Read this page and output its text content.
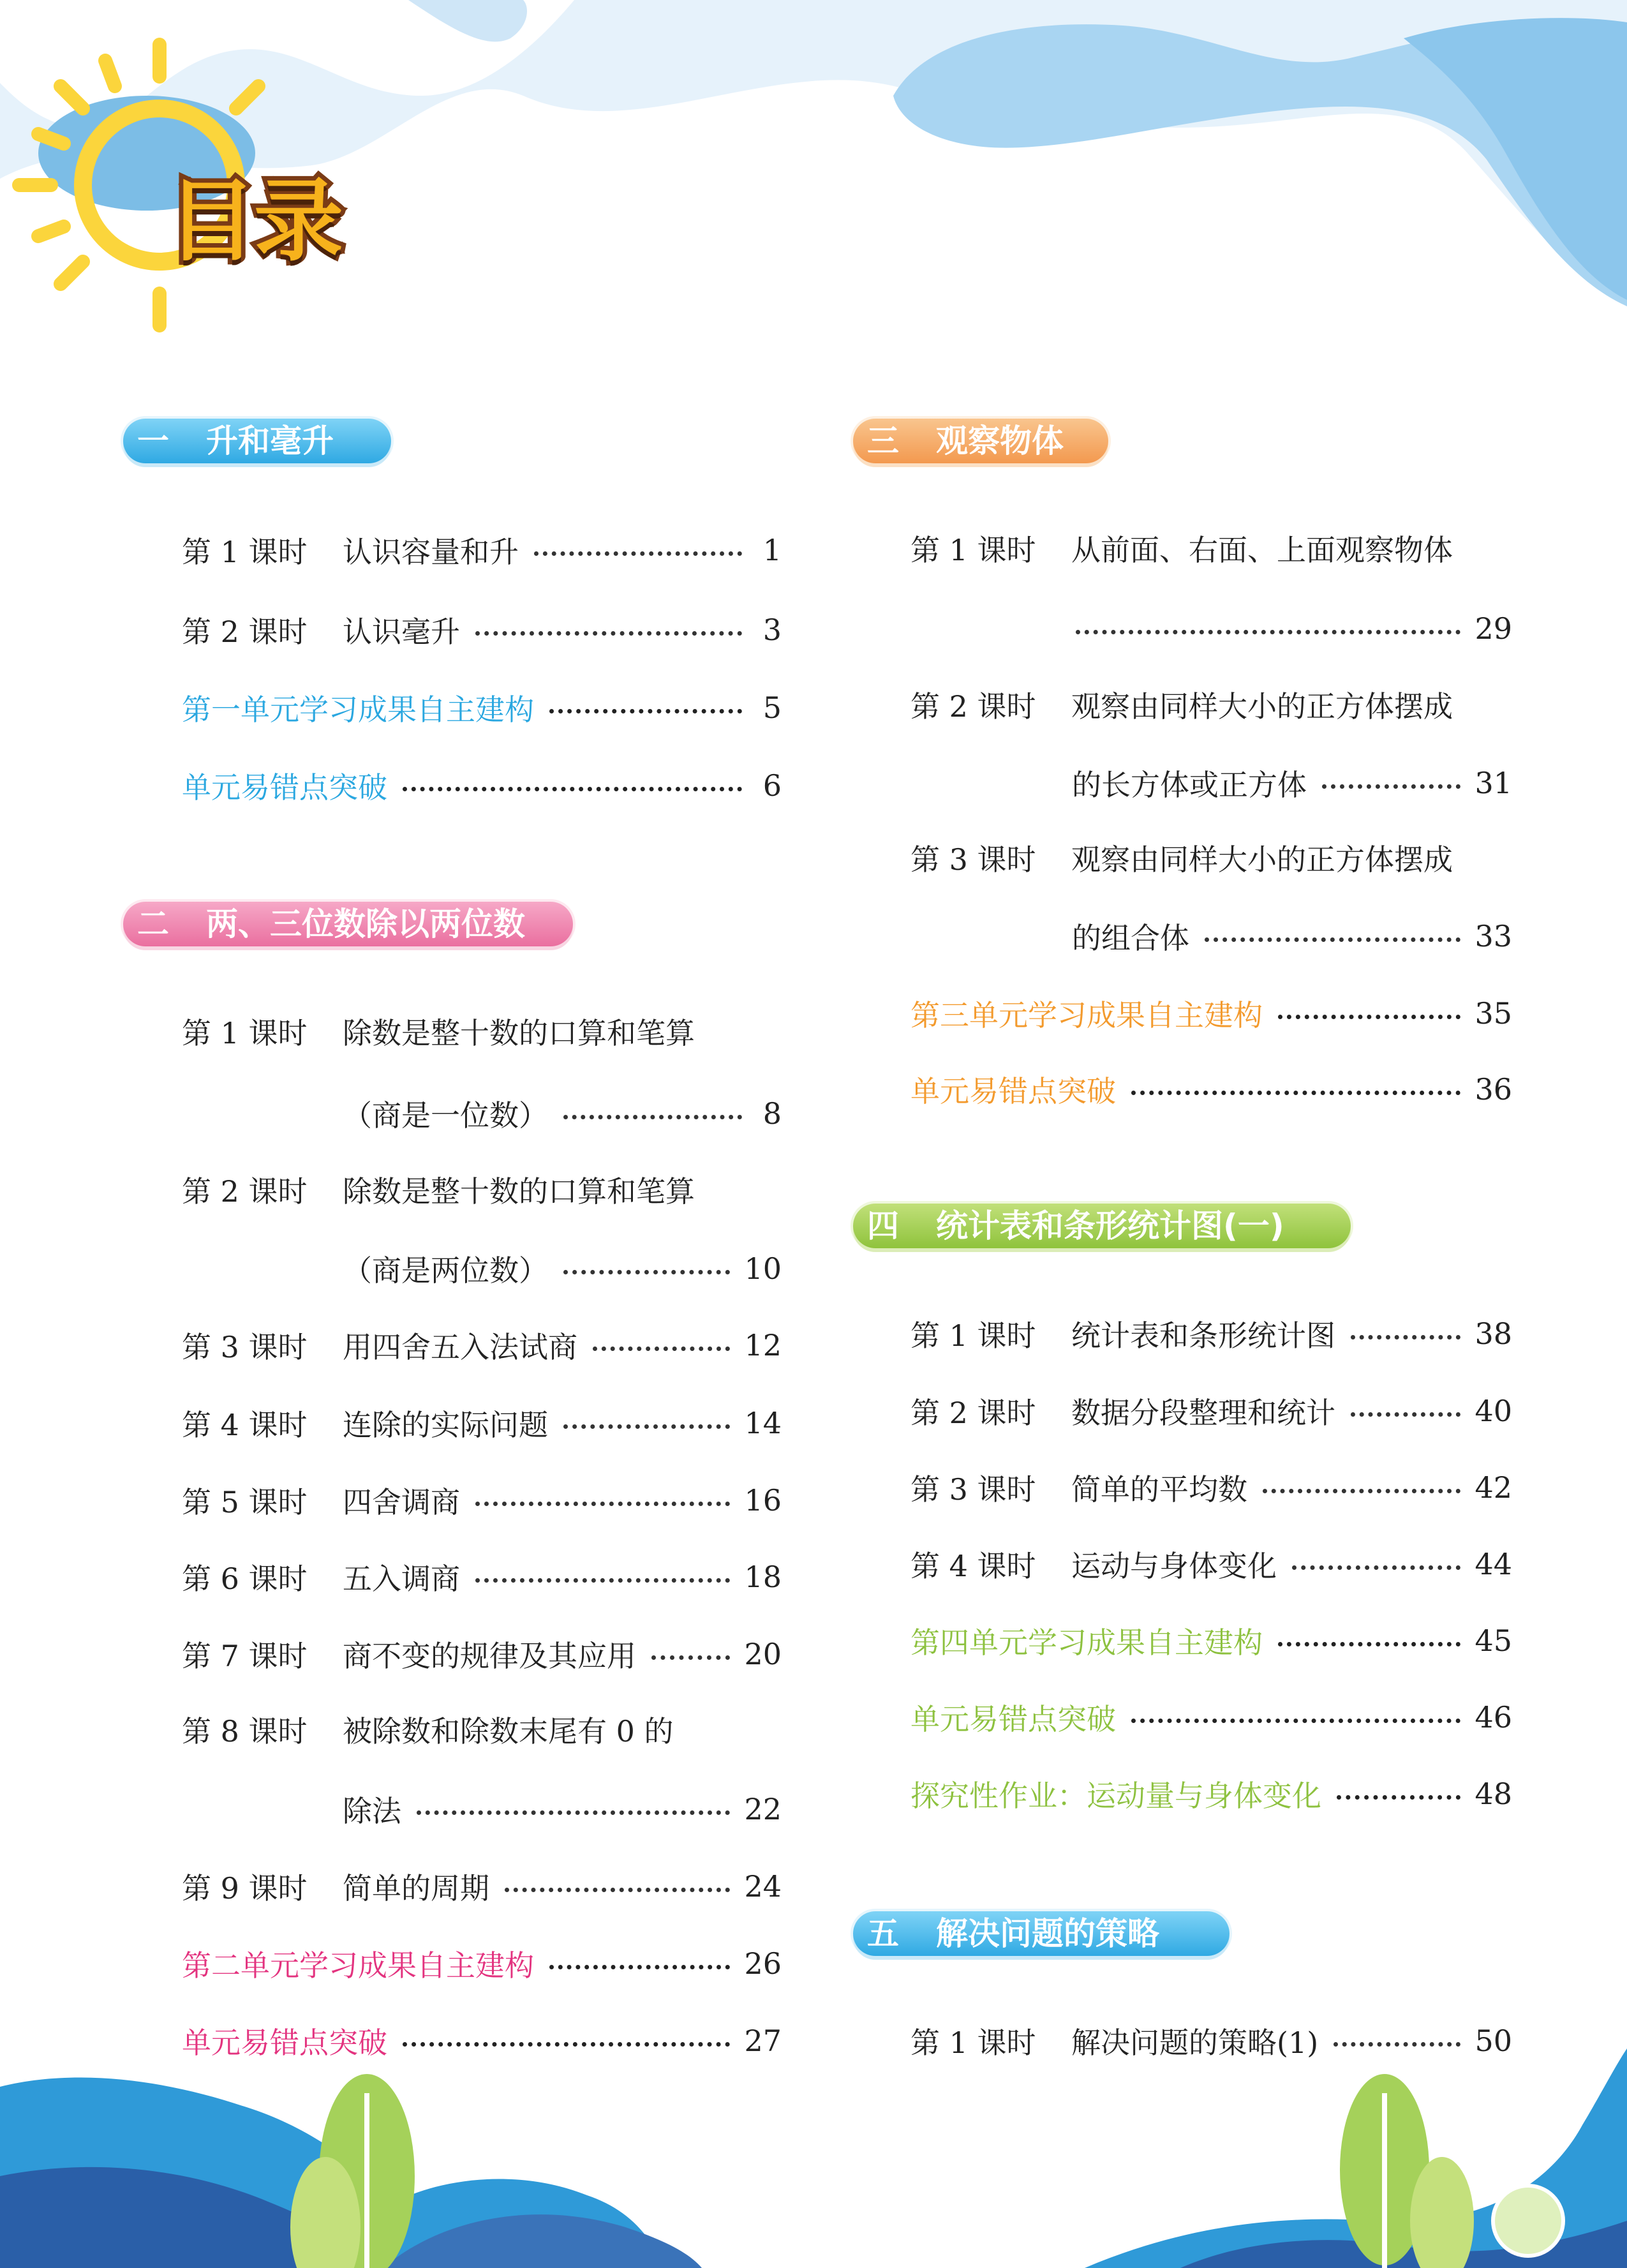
目录
一	升和毫升
第 1 课时	认识容量和升	1
第 2 课时	认识毫升	3
第一单元学习成果自主建构	5
单元易错点突破	6
二	两、三位数除以两位数
第 1 课时 除数是整十数的口算和笔算
（商是一位数）	8
第 2 课时 除数是整十数的口算和笔算
（商是两位数）	10
第 3 课时	用四舍五入法试商	12
第 4 课时	连除的实际问题	14
第 5 课时	四舍调商	16
第 6 课时	五入调商	18
第 7 课时	商不变的规律及其应用	20
第 8 课时 被除数和除数末尾有 0 的
除法	22
第 9 课时	简单的周期	24
第二单元学习成果自主建构	26
单元易错点突破	27
三	观察物体
第 1 课时 从前面、右面、上面观察物体
29
第 2 课时 观察由同样大小的正方体摆成
的长方体或正方体	31
第 3 课时 观察由同样大小的正方体摆成
的组合体	33
第三单元学习成果自主建构	35
单元易错点突破	36
四	统计表和条形统计图(一)
第 1 课时	统计表和条形统计图	38
第 2 课时	数据分段整理和统计	40
第 3 课时	简单的平均数	42
第 4 课时	运动与身体变化	44
第四单元学习成果自主建构	45
单元易错点突破	46
探究性作业：运动量与身体变化	48
五	解决问题的策略
第 1 课时	解决问题的策略(1)	50
